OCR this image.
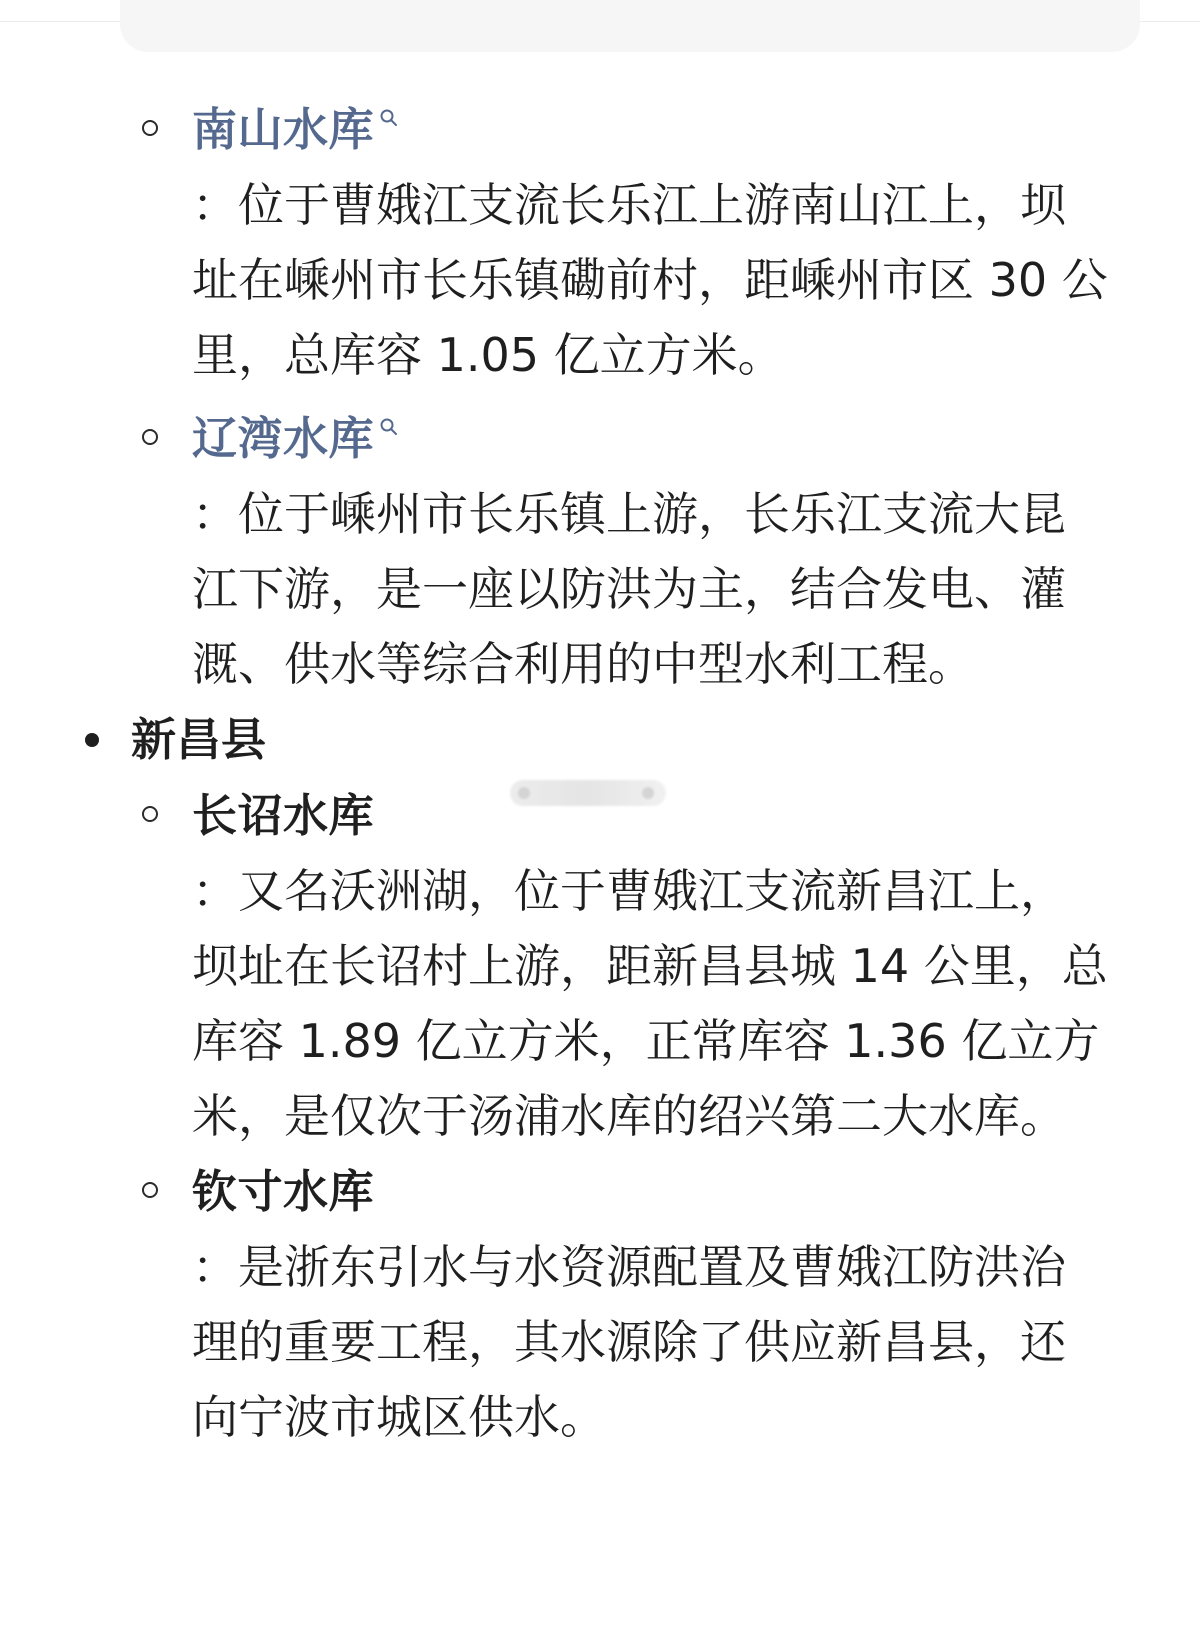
南山水库
：位于曹娥江支流长乐江上游南山江上，坝
址在嵊州市长乐镇磡前村，距嵊州市区 30 公
里，总库容 1.05 亿立方米。
辽湾水库
：位于嵊州市长乐镇上游，长乐江支流大昆
江下游，是一座以防洪为主，结合发电、灌
溉、供水等综合利用的中型水利工程。
新昌县
长诏水库
：又名沃洲湖，位于曹娥江支流新昌江上，
坝址在长诏村上游，距新昌县城 14 公里，总
库容 1.89 亿立方米，正常库容 1.36 亿立方
米，是仅次于汤浦水库的绍兴第二大水库。
钦寸水库
：是浙东引水与水资源配置及曹娥江防洪治
理的重要工程，其水源除了供应新昌县，还
向宁波市城区供水。
